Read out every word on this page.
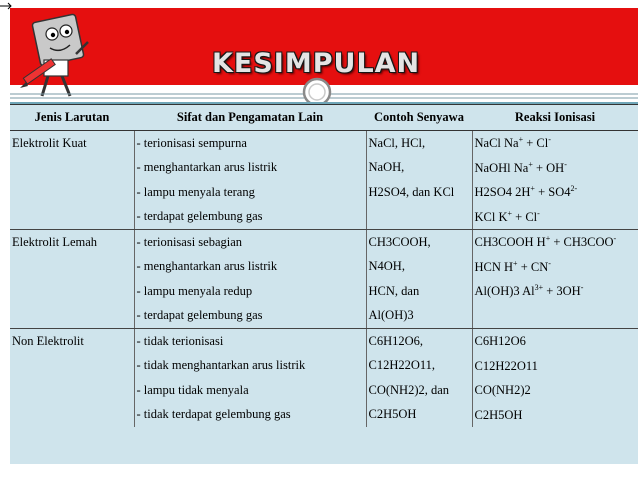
KESIMPULAN
Jenis Larutan	Sifat dan Pengamatan Lain	Contoh Senyawa	Reaksi Ionisasi
Elektrolit Kuat	- terionisasi sempurna	NaCl, HCl,	NaCl Na+ + Cl-
	- menghantarkan arus listrik	NaOH,	NaOHl Na+ + OH-
	- lampu menyala terang	H2SO4, dan KCl	H2SO4 $2H^+ + SO4^{2-}$
	- terdapat gelembung gas		KCl K+ + Cl-
Elektrolit Lemah	- terionisasi sebagian	CH3COOH,	CH3COOH H+ + CH3COO-
	- menghantarkan arus listrik	N4OH,	HCN H+ + CN-
	- lampu menyala redup	HCN, dan	Al(OH)3 $Al^{3+} + 3OH^-$
	- terdapat gelembung gas	Al(OH)3	
Non Elektrolit	- tidak terionisasi	C6H12O6,	C6H12O6
	- tidak menghantarkan arus listrik	C12H22O11,	C12H22O11
	- lampu tidak menyala	CO(NH2)2, dan	CO(NH2)2
	- tidak terdapat gelembung gas	C2H5OH	C2H5OH
